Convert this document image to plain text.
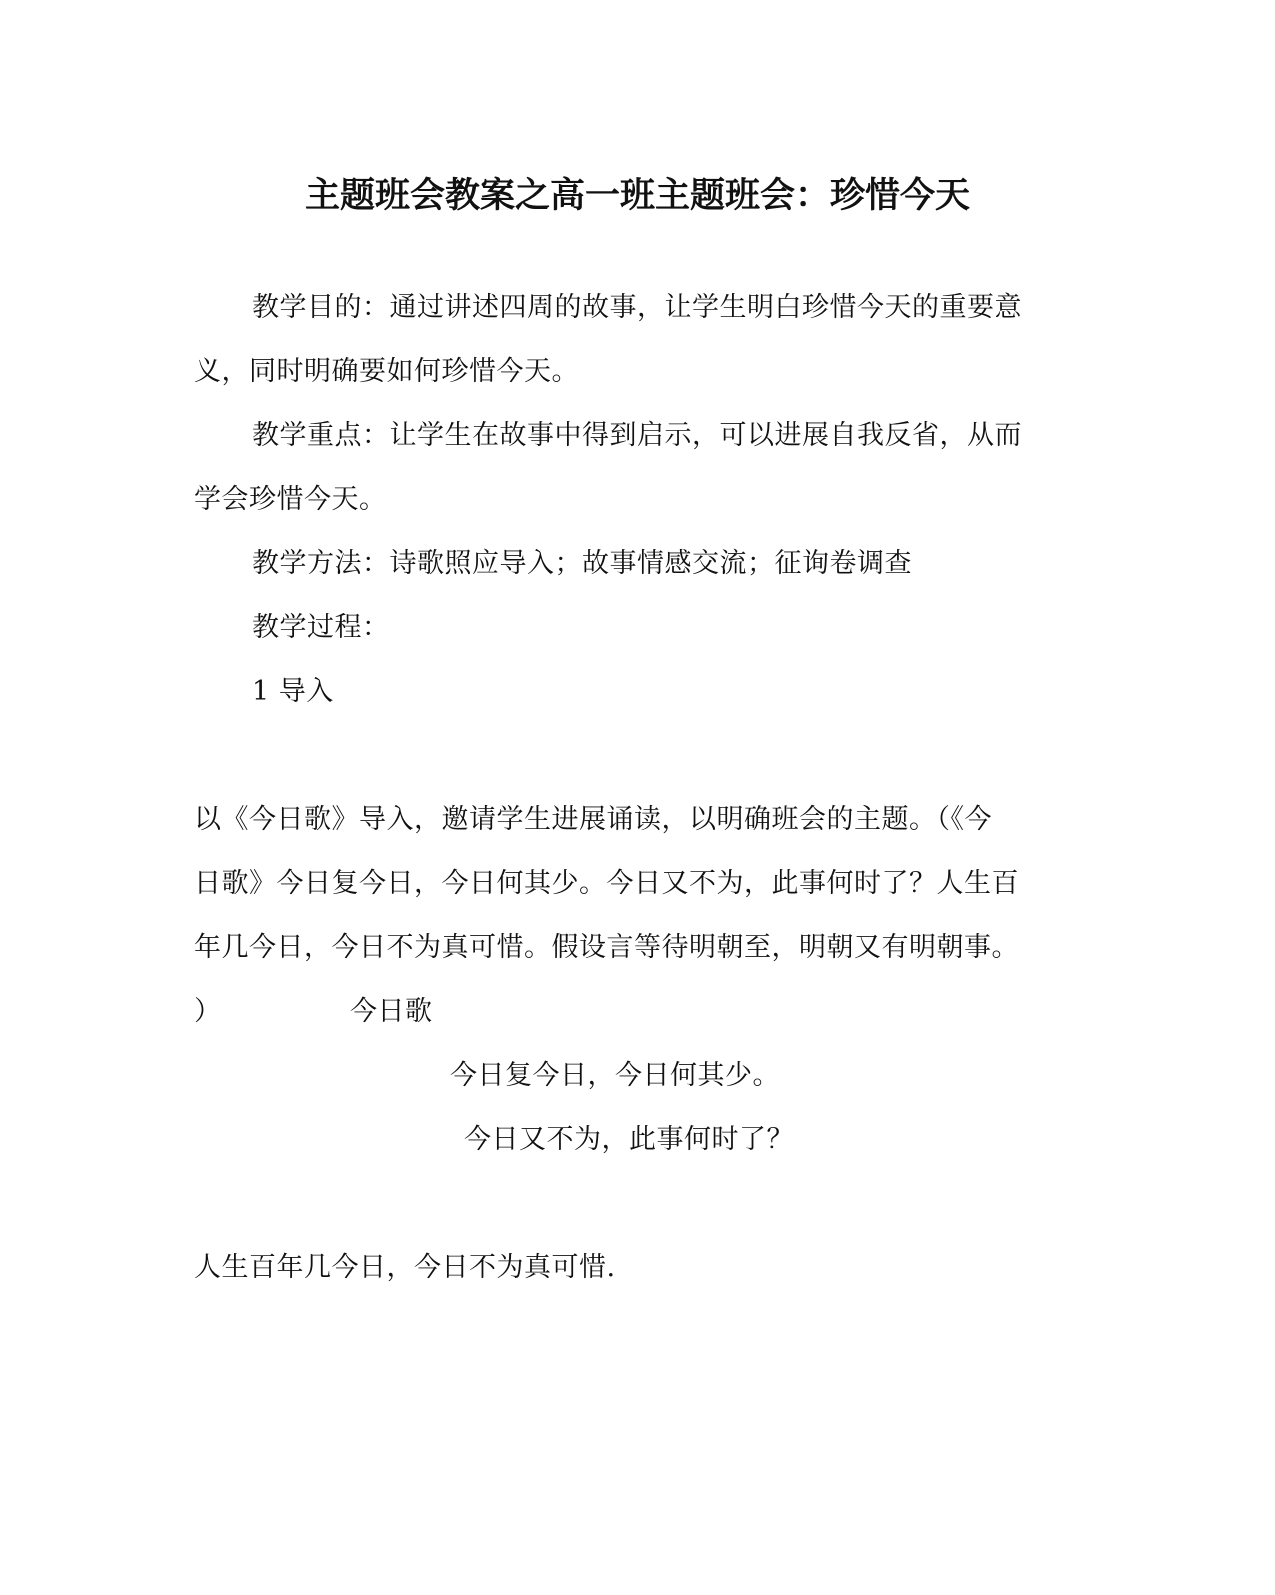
主题班会教案之高一班主题班会：珍惜今天
教学目的：通过讲述四周的故事，让学生明白珍惜今天的重要意
义，同时明确要如何珍惜今天。
教学重点：让学生在故事中得到启示，可以进展自我反省，从而
学会珍惜今天。
教学方法：诗歌照应导入；故事情感交流；征询卷调查
教学过程：
1 导入
以《今日歌》导入，邀请学生进展诵读，以明确班会的主题。（《今
日歌》今日复今日，今日何其少。今日又不为，此事何时了？人生百
年几今日，今日不为真可惜。假设言等待明朝至，明朝又有明朝事。
）	今日歌
今日复今日，今日何其少。
今日又不为，此事何时了？
人生百年几今日，今日不为真可惜.
